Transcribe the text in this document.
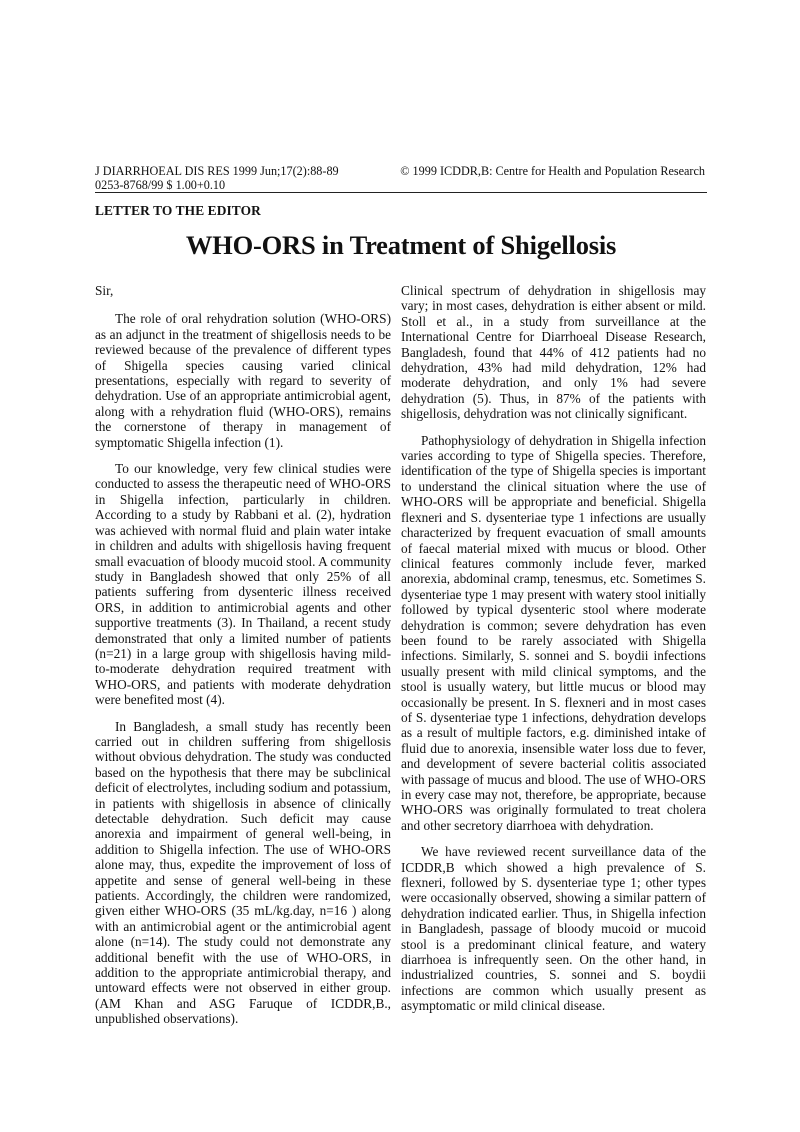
J DIARRHOEAL DIS RES 1999 Jun;17(2):88-89	© 1999 ICDDR,B: Centre for Health and Population Research
0253-8768/99 $ 1.00+0.10
LETTER TO THE EDITOR
WHO-ORS in Treatment of Shigellosis

Sir,

The role of oral rehydration solution (WHO-ORS) as an adjunct in the treatment of shigellosis needs to be reviewed because of the prevalence of different types of Shigella species causing varied clinical presentations, especially with regard to severity of dehydration. Use of an appropriate antimicrobial agent, along with a rehydration fluid (WHO-ORS), remains the cornerstone of therapy in management of symptomatic Shigella infection (1).

To our knowledge, very few clinical studies were conducted to assess the therapeutic need of WHO-ORS in Shigella infection, particularly in children. According to a study by Rabbani et al. (2), hydration was achieved with normal fluid and plain water intake in children and adults with shigellosis having frequent small evacuation of bloody mucoid stool. A community study in Bangladesh showed that only 25% of all patients suffering from dysenteric illness received ORS, in addition to antimicrobial agents and other supportive treatments (3). In Thailand, a recent study demonstrated that only a limited number of patients (n=21) in a large group with shigellosis having mild-to-moderate dehydration required treatment with WHO-ORS, and patients with moderate dehydration were benefited most (4).

In Bangladesh, a small study has recently been carried out in children suffering from shigellosis without obvious dehydration. The study was conducted based on the hypothesis that there may be subclinical deficit of electrolytes, including sodium and potassium, in patients with shigellosis in absence of clinically detectable dehydration. Such deficit may cause anorexia and impairment of general well-being, in addition to Shigella infection. The use of WHO-ORS alone may, thus, expedite the improvement of loss of appetite and sense of general well-being in these patients. Accordingly, the children were randomized, given either WHO-ORS (35 mL/kg.day, n=16 ) along with an antimicrobial agent or the antimicrobial agent alone (n=14). The study could not demonstrate any additional benefit with the use of WHO-ORS, in addition to the appropriate antimicrobial therapy, and untoward effects were not observed in either group. (AM Khan and ASG Faruque of ICDDR,B., unpublished observations).

Clinical spectrum of dehydration in shigellosis may vary; in most cases, dehydration is either absent or mild. Stoll et al., in a study from surveillance at the International Centre for Diarrhoeal Disease Research, Bangladesh, found that 44% of 412 patients had no dehydration, 43% had mild dehydration, 12% had moderate dehydration, and only 1% had severe dehydration (5). Thus, in 87% of the patients with shigellosis, dehydration was not clinically significant.

Pathophysiology of dehydration in Shigella infection varies according to type of Shigella species. Therefore, identification of the type of Shigella species is important to understand the clinical situation where the use of WHO-ORS will be appropriate and beneficial. Shigella flexneri and S. dysenteriae type 1 infections are usually characterized by frequent evacuation of small amounts of faecal material mixed with mucus or blood. Other clinical features commonly include fever, marked anorexia, abdominal cramp, tenesmus, etc. Sometimes S. dysenteriae type 1 may present with watery stool initially followed by typical dysenteric stool where moderate dehydration is common; severe dehydration has even been found to be rarely associated with Shigella infections. Similarly, S. sonnei and S. boydii infections usually present with mild clinical symptoms, and the stool is usually watery, but little mucus or blood may occasionally be present. In S. flexneri and in most cases of S. dysenteriae type 1 infections, dehydration develops as a result of multiple factors, e.g. diminished intake of fluid due to anorexia, insensible water loss due to fever, and development of severe bacterial colitis associated with passage of mucus and blood. The use of WHO-ORS in every case may not, therefore, be appropriate, because WHO-ORS was originally formulated to treat cholera and other secretory diarrhoea with dehydration.

We have reviewed recent surveillance data of the ICDDR,B which showed a high prevalence of S. flexneri, followed by S. dysenteriae type 1; other types were occasionally observed, showing a similar pattern of dehydration indicated earlier. Thus, in Shigella infection in Bangladesh, passage of bloody mucoid or mucoid stool is a predominant clinical feature, and watery diarrhoea is infrequently seen. On the other hand, in industrialized countries, S. sonnei and S. boydii infections are common which usually present as asymptomatic or mild clinical disease.
